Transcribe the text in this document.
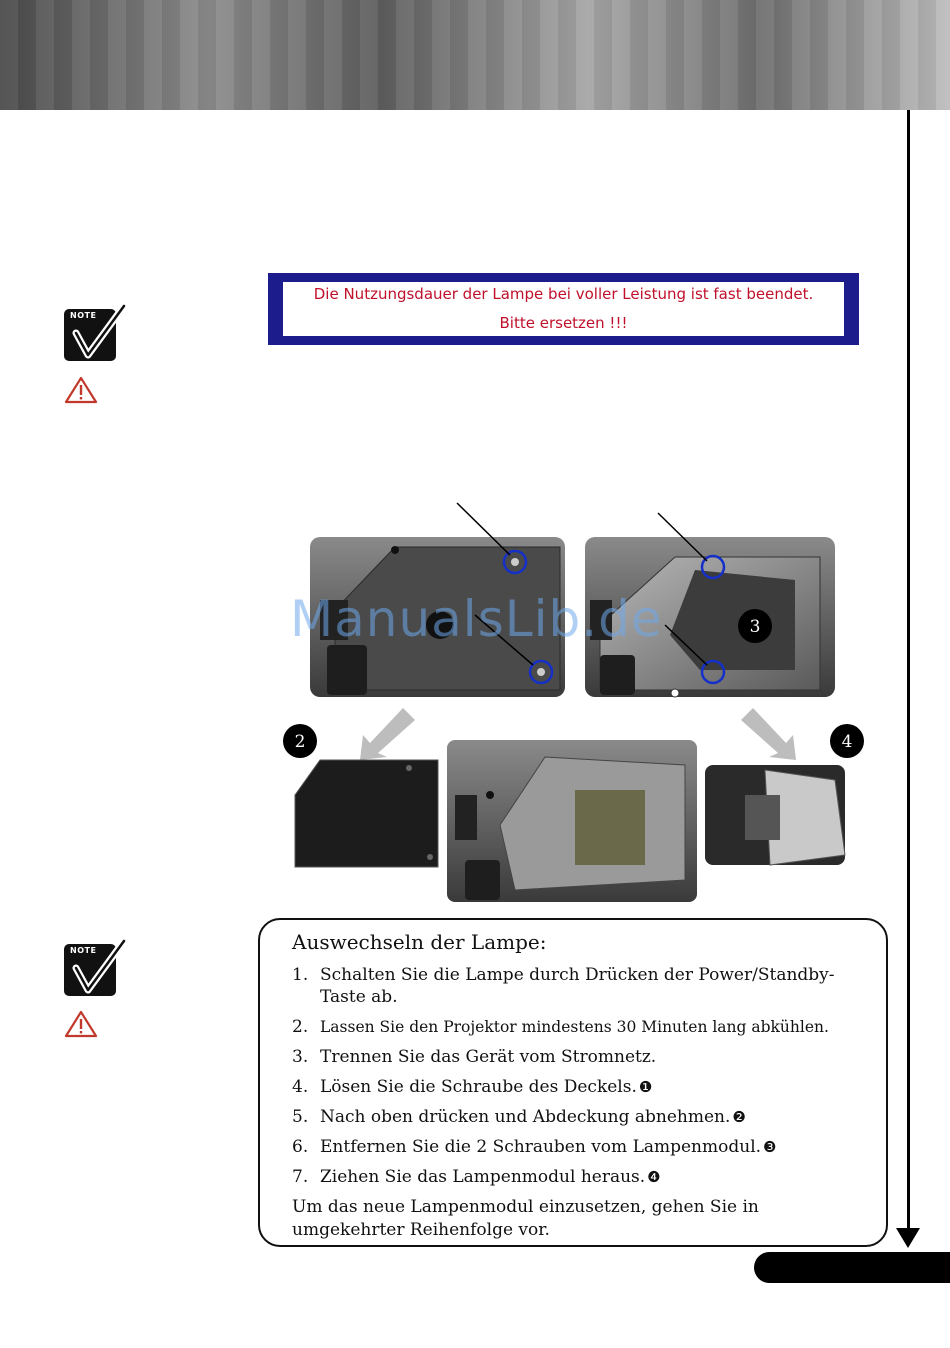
Die Nutzungsdauer der Lampe bei voller Leistung ist fast beendet.
Bitte ersetzen !!!
NOTE
NOTE
3
2	4
ManualsLib.de
Auswechseln der Lampe:
1. Schalten Sie die Lampe durch Drücken der Power/Standby-Taste ab.
2. Lassen Sie den Projektor mindestens 30 Minuten lang abkühlen.
3. Trennen Sie das Gerät vom Stromnetz.
4. Lösen Sie die Schraube des Deckels. ❶
5. Nach oben drücken und Abdeckung abnehmen. ❷
6. Entfernen Sie die 2 Schrauben vom Lampenmodul. ❸
7. Ziehen Sie das Lampenmodul heraus. ❹
Um das neue Lampenmodul einzusetzen, gehen Sie in umgekehrter Reihenfolge vor.
